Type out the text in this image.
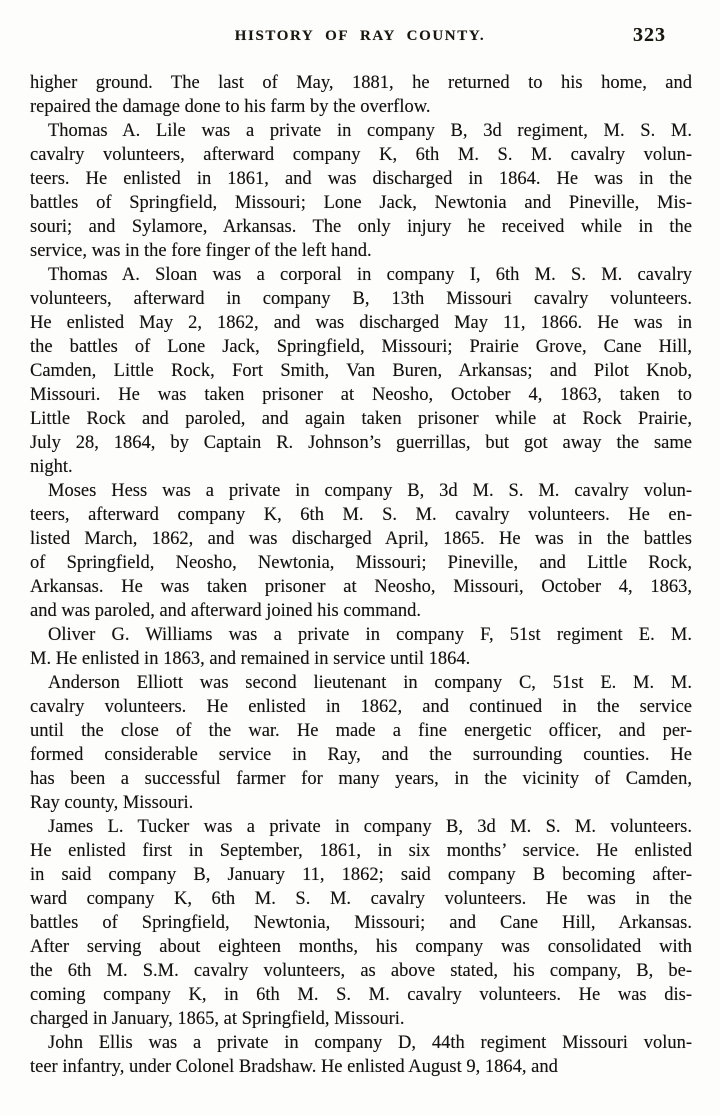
HISTORY OF RAY COUNTY.	323
higher ground. The last of May, 1881, he returned to his home, and
repaired the damage done to his farm by the overflow.
Thomas A. Lile was a private in company B, 3d regiment, M. S. M.
cavalry volunteers, afterward company K, 6th M. S. M. cavalry volun-
teers. He enlisted in 1861, and was discharged in 1864. He was in the
battles of Springfield, Missouri; Lone Jack, Newtonia and Pineville, Mis-
souri; and Sylamore, Arkansas. The only injury he received while in the
service, was in the fore finger of the left hand.
Thomas A. Sloan was a corporal in company I, 6th M. S. M. cavalry
volunteers, afterward in company B, 13th Missouri cavalry volunteers.
He enlisted May 2, 1862, and was discharged May 11, 1866. He was in
the battles of Lone Jack, Springfield, Missouri; Prairie Grove, Cane Hill,
Camden, Little Rock, Fort Smith, Van Buren, Arkansas; and Pilot Knob,
Missouri. He was taken prisoner at Neosho, October 4, 1863, taken to
Little Rock and paroled, and again taken prisoner while at Rock Prairie,
July 28, 1864, by Captain R. Johnson’s guerrillas, but got away the same
night.
Moses Hess was a private in company B, 3d M. S. M. cavalry volun-
teers, afterward company K, 6th M. S. M. cavalry volunteers. He en-
listed March, 1862, and was discharged April, 1865. He was in the battles
of Springfield, Neosho, Newtonia, Missouri; Pineville, and Little Rock,
Arkansas. He was taken prisoner at Neosho, Missouri, October 4, 1863,
and was paroled, and afterward joined his command.
Oliver G. Williams was a private in company F, 51st regiment E. M.
M. He enlisted in 1863, and remained in service until 1864.
Anderson Elliott was second lieutenant in company C, 51st E. M. M.
cavalry volunteers. He enlisted in 1862, and continued in the service
until the close of the war. He made a fine energetic officer, and per-
formed considerable service in Ray, and the surrounding counties. He
has been a successful farmer for many years, in the vicinity of Camden,
Ray county, Missouri.
James L. Tucker was a private in company B, 3d M. S. M. volunteers.
He enlisted first in September, 1861, in six months’ service. He enlisted
in said company B, January 11, 1862; said company B becoming after-
ward company K, 6th M. S. M. cavalry volunteers. He was in the
battles of Springfield, Newtonia, Missouri; and Cane Hill, Arkansas.
After serving about eighteen months, his company was consolidated with
the 6th M. S.M. cavalry volunteers, as above stated, his company, B, be-
coming company K, in 6th M. S. M. cavalry volunteers. He was dis-
charged in January, 1865, at Springfield, Missouri.
John Ellis was a private in company D, 44th regiment Missouri volun-
teer infantry, under Colonel Bradshaw. He enlisted August 9, 1864, and
